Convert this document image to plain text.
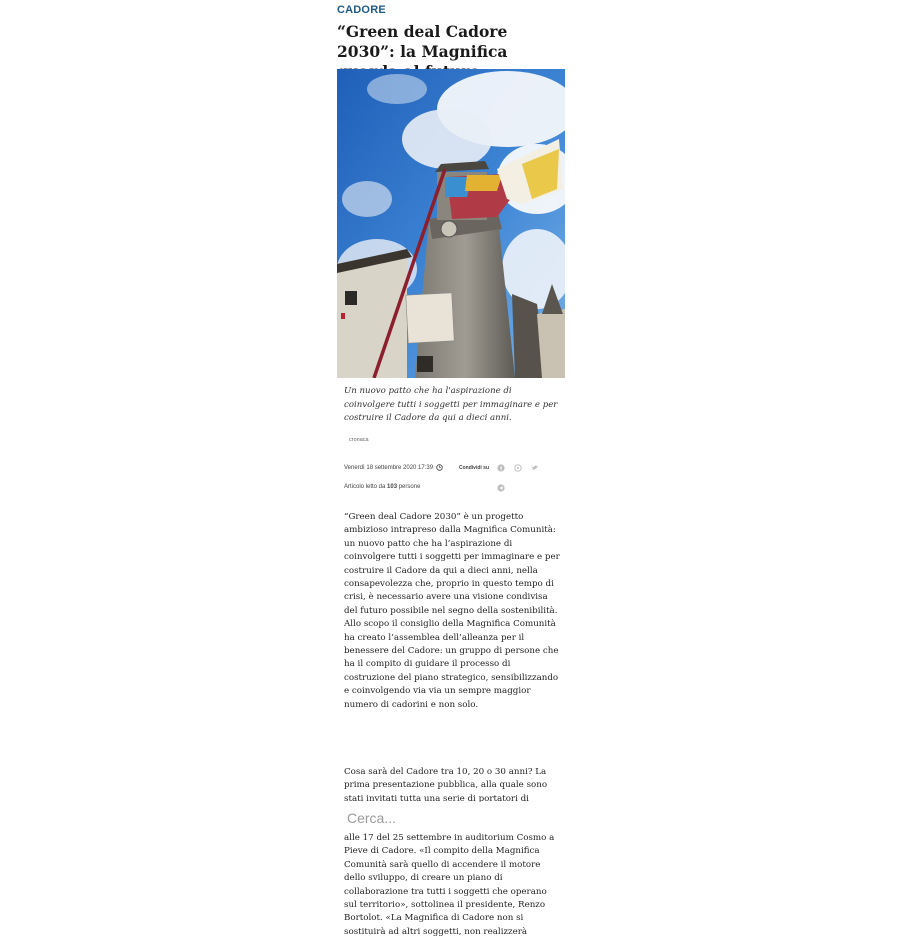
CADORE
“Green deal Cadore 2030”: la Magnifica
Un nuovo patto che ha l'aspirazione di coinvolgere tutti i soggetti per immaginare e per costruire il Cadore da qui a dieci anni.
cronaca
Venerdì 18 settembre 2020 17:39	Condividi su f
Articolo letto da 103 persone

“Green deal Cadore 2030” è un progetto ambizioso intrapreso dalla Magnifica Comunità: un nuovo patto che ha l’aspirazione di coinvolgere tutti i soggetti per immaginare e per costruire il Cadore da qui a dieci anni, nella consapevolezza che, proprio in questo tempo di crisi, è necessario avere una visione condivisa del futuro possibile nel segno della sostenibilità. Allo scopo il consiglio della Magnifica Comunità ha creato l’assemblea dell’alleanza per il benessere del Cadore: un gruppo di persone che ha il compito di guidare il processo di costruzione del piano strategico, sensibilizzando e coinvolgendo via via un sempre maggior numero di cadorini e non solo.

Cosa sarà del Cadore tra 10, 20 o 30 anni? La prima presentazione pubblica, alla quale sono stati invitati tutta una serie di portatori di

Cerca...

alle 17 del 25 settembre in auditorium Cosmo a Pieve di Cadore. «Il compito della Magnifica Comunità sarà quello di accendere il motore dello sviluppo, di creare un piano di collaborazione tra tutti i soggetti che operano sul territorio», sottolinea il presidente, Renzo Bortolot. «La Magnifica di Cadore non si sostituirà ad altri soggetti, non realizzerà
